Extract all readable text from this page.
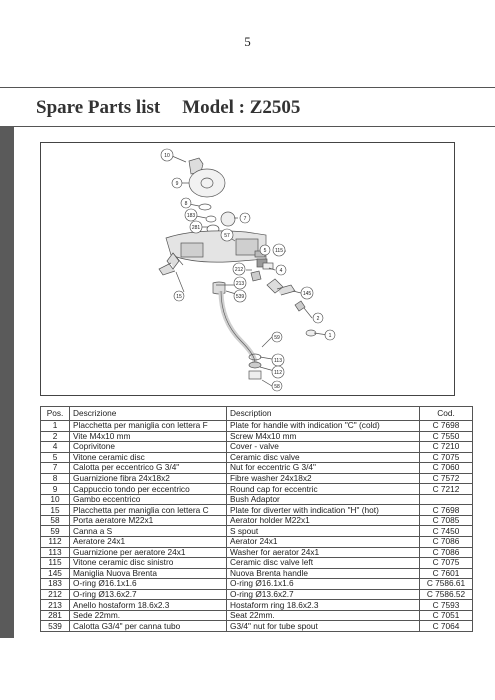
5
Spare Parts list Model : Z2505
10
9
8
183
281
7
57
5 115
212	4
213
539	145
15
2
1
59
113
112
58
Pos.	Descrizione	Description	Cod.
1	Placchetta per maniglia con lettera F	Plate for handle with indication "C" (cold)	C 7698
2	Vite M4x10 mm	Screw M4x10 mm	C 7550
4	Coprivitone	Cover - valve	C 7210
5	Vitone ceramic disc	Ceramic disc valve	C 7075
7	Calotta per eccentrico G 3/4"	Nut for eccentric G 3/4"	C 7060
8	Guarnizione fibra 24x18x2	Fibre washer 24x18x2	C 7572
9	Cappuccio tondo per eccentrico	Round cap for eccentric	C 7212
10	Gambo eccentrico	Bush Adaptor	
15	Placchetta per maniglia con lettera C	Plate for diverter with indication "H" (hot)	C 7698
58	Porta aeratore M22x1	Aerator holder M22x1	C 7085
59	Canna a S	S spout	C 7450
112	Aeratore 24x1	Aerator 24x1	C 7086
113	Guarnizione per aeratore 24x1	Washer for aerator 24x1	C 7086
115	Vitone ceramic disc sinistro	Ceramic disc valve left	C 7075
145	Maniglia Nuova Brenta	Nuova Brenta handle	C 7601
183	O-ring Ø16.1x1.6	O-ring Ø16.1x1.6	C 7586.61
212	O-ring Ø13.6x2.7	O-ring Ø13.6x2.7	C 7586.52
213	Anello hostaform 18.6x2.3	Hostaform ring 18.6x2.3	C 7593
281	Sede 22mm.	Seat 22mm.	C 7051
539	Calotta G3/4" per canna tubo	G3/4" nut for tube spout	C 7064
